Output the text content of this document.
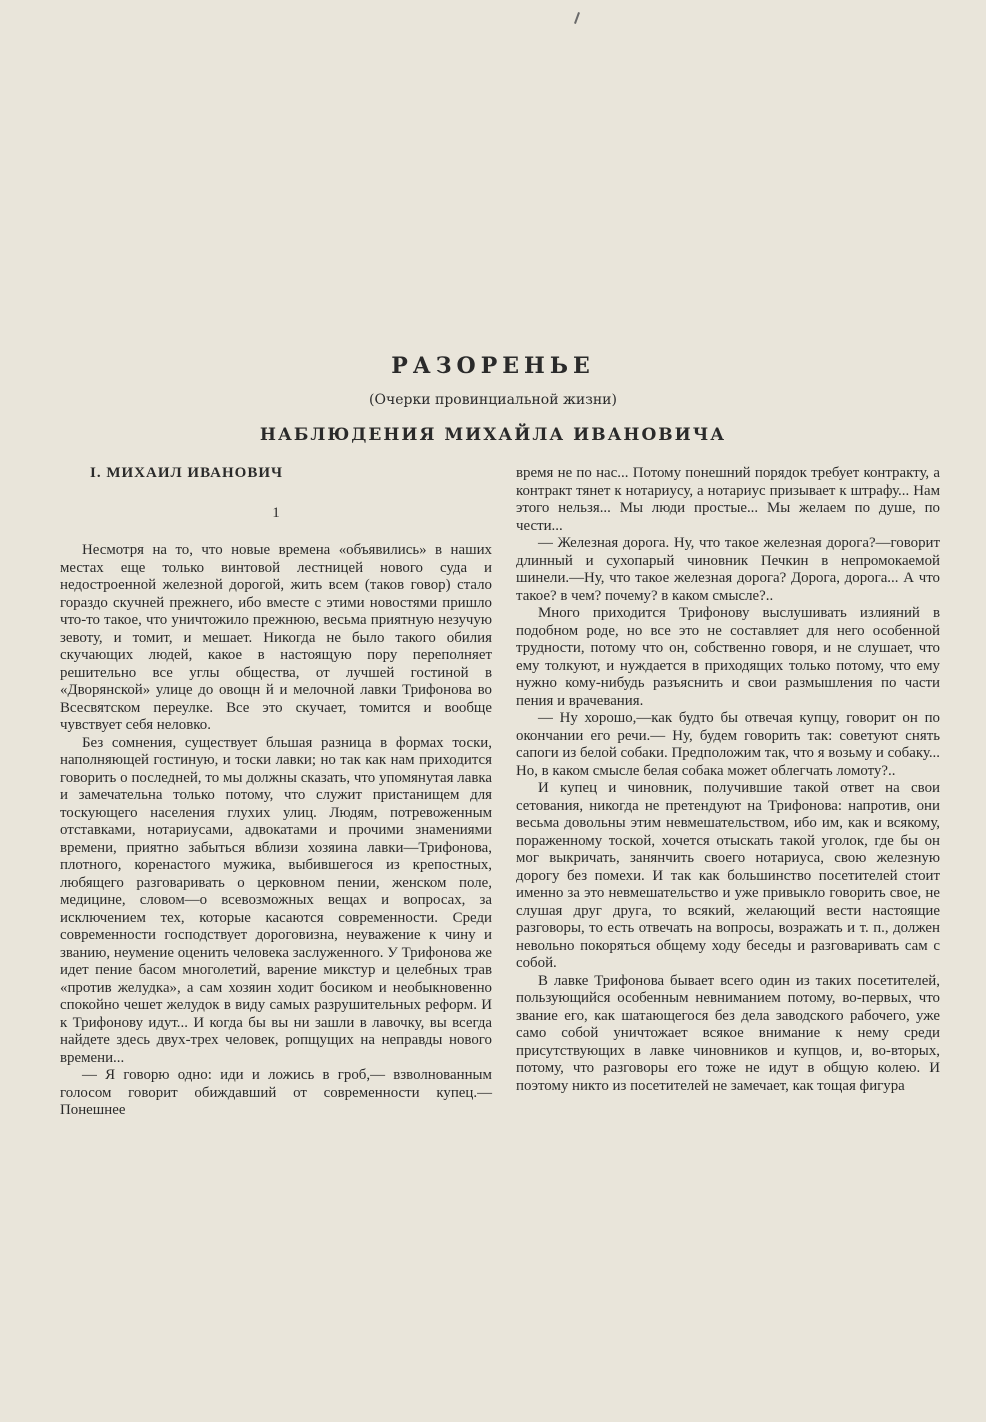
РАЗОРЕНЬЕ
(Очерки провинциальной жизни)
НАБЛЮДЕНИЯ МИХАЙЛА ИВАНОВИЧА
I. МИХАИЛ ИВАНОВИЧ
1

Несмотря на то, что новые времена «объявились» в наших местах еще только винтовой лестницей нового суда и недостроенной железной дорогой, жить всем (таков говор) стало гораздо скучней прежнего, ибо вместе с этими новостями пришло что-то такое, что уничтожило прежнюю, весьма приятную незучую зевоту, и томит, и мешает. Никогда не было такого обилия скучающих людей, какое в настоящую пору переполняет решительно все углы общества, от лучшей гостиной в «Дворянской» улице до овощн й и мелочной лавки Трифонова во Всесвятском переулке. Все это скучает, томится и вообще чувствует себя неловко.

Без сомнения, существует бльшая разница в формах тоски, наполняющей гостиную, и тоски лавки; но так как нам приходится говорить о последней, то мы должны сказать, что упомянутая лавка и замечательна только потому, что служит пристанищем для тоскующего населения глухих улиц. Людям, потревоженным отставками, нотариусами, адвокатами и прочими знамениями времени, приятно забыться вблизи хозяина лавки—Трифонова, плотного, коренастого мужика, выбившегося из крепостных, любящего разговаривать о церковном пении, женском поле, медицине, словом—о всевозможных вещах и вопросах, за исключением тех, которые касаются современности. Среди современности господствует дороговизна, неуважение к чину и званию, неумение оценить человека заслуженного. У Трифонова же идет пение басом многолетий, варение микстур и целебных трав «против желудка», а сам хозяин ходит босиком и необыкновенно спокойно чешет желудок в виду самых разрушительных реформ. И к Трифонову идут... И когда бы вы ни зашли в лавочку, вы всегда найдете здесь двух-трех человек, ропщущих на неправды нового времени...

— Я говорю одно: иди и ложись в гроб,— взволнованным голосом говорит обиждавший от современности купец.—Понешнее

время не по нас... Потому понешний порядок требует контракту, а контракт тянет к нотариусу, а нотариус призывает к штрафу... Нам этого нельзя... Мы люди простые... Мы желаем по душе, по чести...

— Железная дорога. Ну, что такое железная дорога?—говорит длинный и сухопарый чиновник Печкин в непромокаемой шинели.—Ну, что такое железная дорога? Дорога, дорога... А что такое? в чем? почему? в каком смысле?..

Много приходится Трифонову выслушивать излияний в подобном роде, но все это не составляет для него особенной трудности, потому что он, собственно говоря, и не слушает, что ему толкуют, и нуждается в приходящих только потому, что ему нужно кому-нибудь разъяснить и свои размышления по части пения и врачевания.

— Ну хорошо,—как будто бы отвечая купцу, говорит он по окончании его речи.— Ну, будем говорить так: советуют снять сапоги из белой собаки. Предположим так, что я возьму и собаку... Но, в каком смысле белая собака может облегчать ломоту?..

И купец и чиновник, получившие такой ответ на свои сетования, никогда не претендуют на Трифонова: напротив, они весьма довольны этим невмешательством, ибо им, как и всякому, пораженному тоской, хочется отыскать такой уголок, где бы он мог выкричать, занянчить своего нотариуса, свою железную дорогу без помехи. И так как большинство посетителей стоит именно за это невмешательство и уже привыкло говорить свое, не слушая друг друга, то всякий, желающий вести настоящие разговоры, то есть отвечать на вопросы, возражать и т. п., должен невольно покоряться общему ходу беседы и разговаривать сам с собой.

В лавке Трифонова бывает всего один из таких посетителей, пользующийся особенным невниманием потому, во-первых, что звание его, как шатающегося без дела заводского рабочего, уже само собой уничтожает всякое внимание к нему среди присутствующих в лавке чиновников и купцов, и, во-вторых, потому, что разговоры его тоже не идут в общую колею. И поэтому никто из посетителей не замечает, как тощая фигура
